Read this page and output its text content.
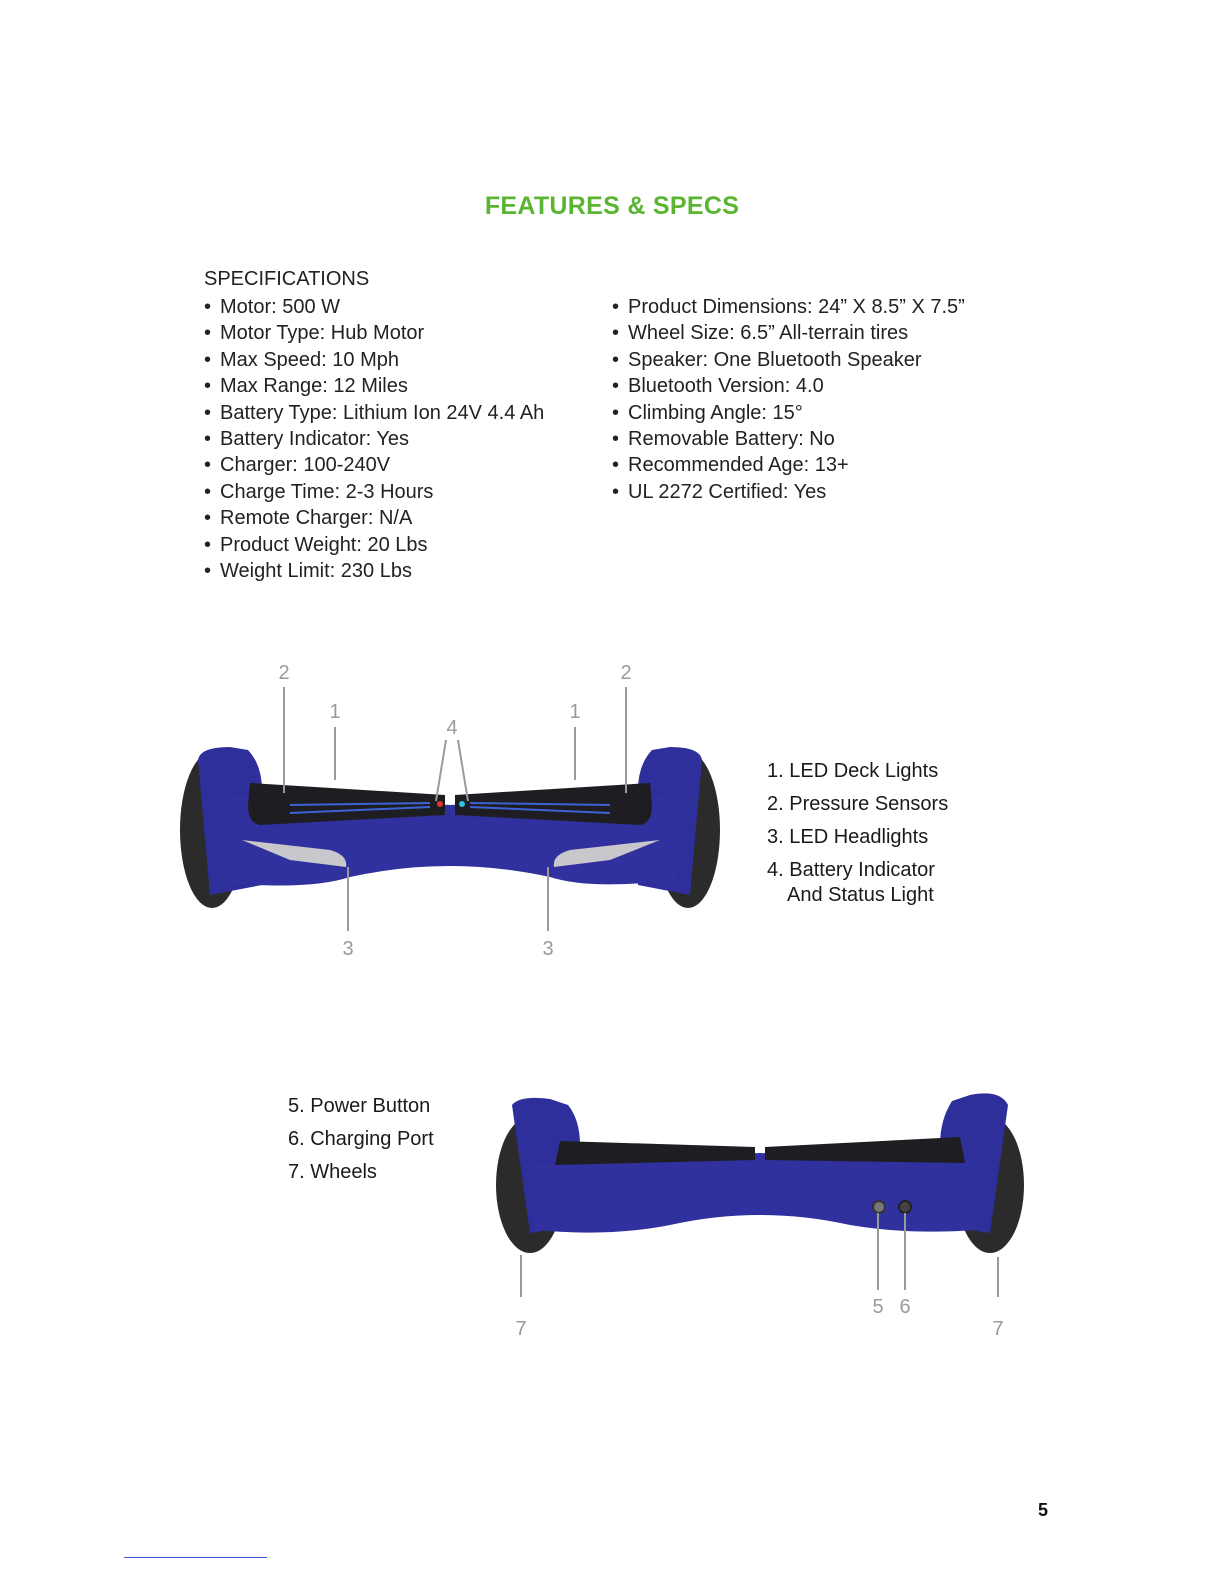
FEATURES & SPECS
SPECIFICATIONS
• Motor: 500 W
• Motor Type: Hub Motor
• Max Speed: 10 Mph
• Max Range: 12 Miles
• Battery Type: Lithium Ion 24V 4.4 Ah
• Battery Indicator: Yes
• Charger: 100-240V
• Charge Time: 2-3 Hours
• Remote Charger: N/A
• Product Weight: 20 Lbs
• Weight Limit: 230 Lbs
• Product Dimensions: 24” X 8.5” X 7.5”
• Wheel Size: 6.5” All-terrain tires
• Speaker: One Bluetooth Speaker
• Bluetooth Version: 4.0
• Climbing Angle: 15°
• Removable Battery: No
• Recommended Age: 13+
• UL 2272 Certified: Yes
2
1
4
1
2
3	3
1. LED Deck Lights
2. Pressure Sensors
3. LED Headlights
4. Battery Indicator
And Status Light
5. Power Button
6. Charging Port
7. Wheels
7
5 6
7
5
